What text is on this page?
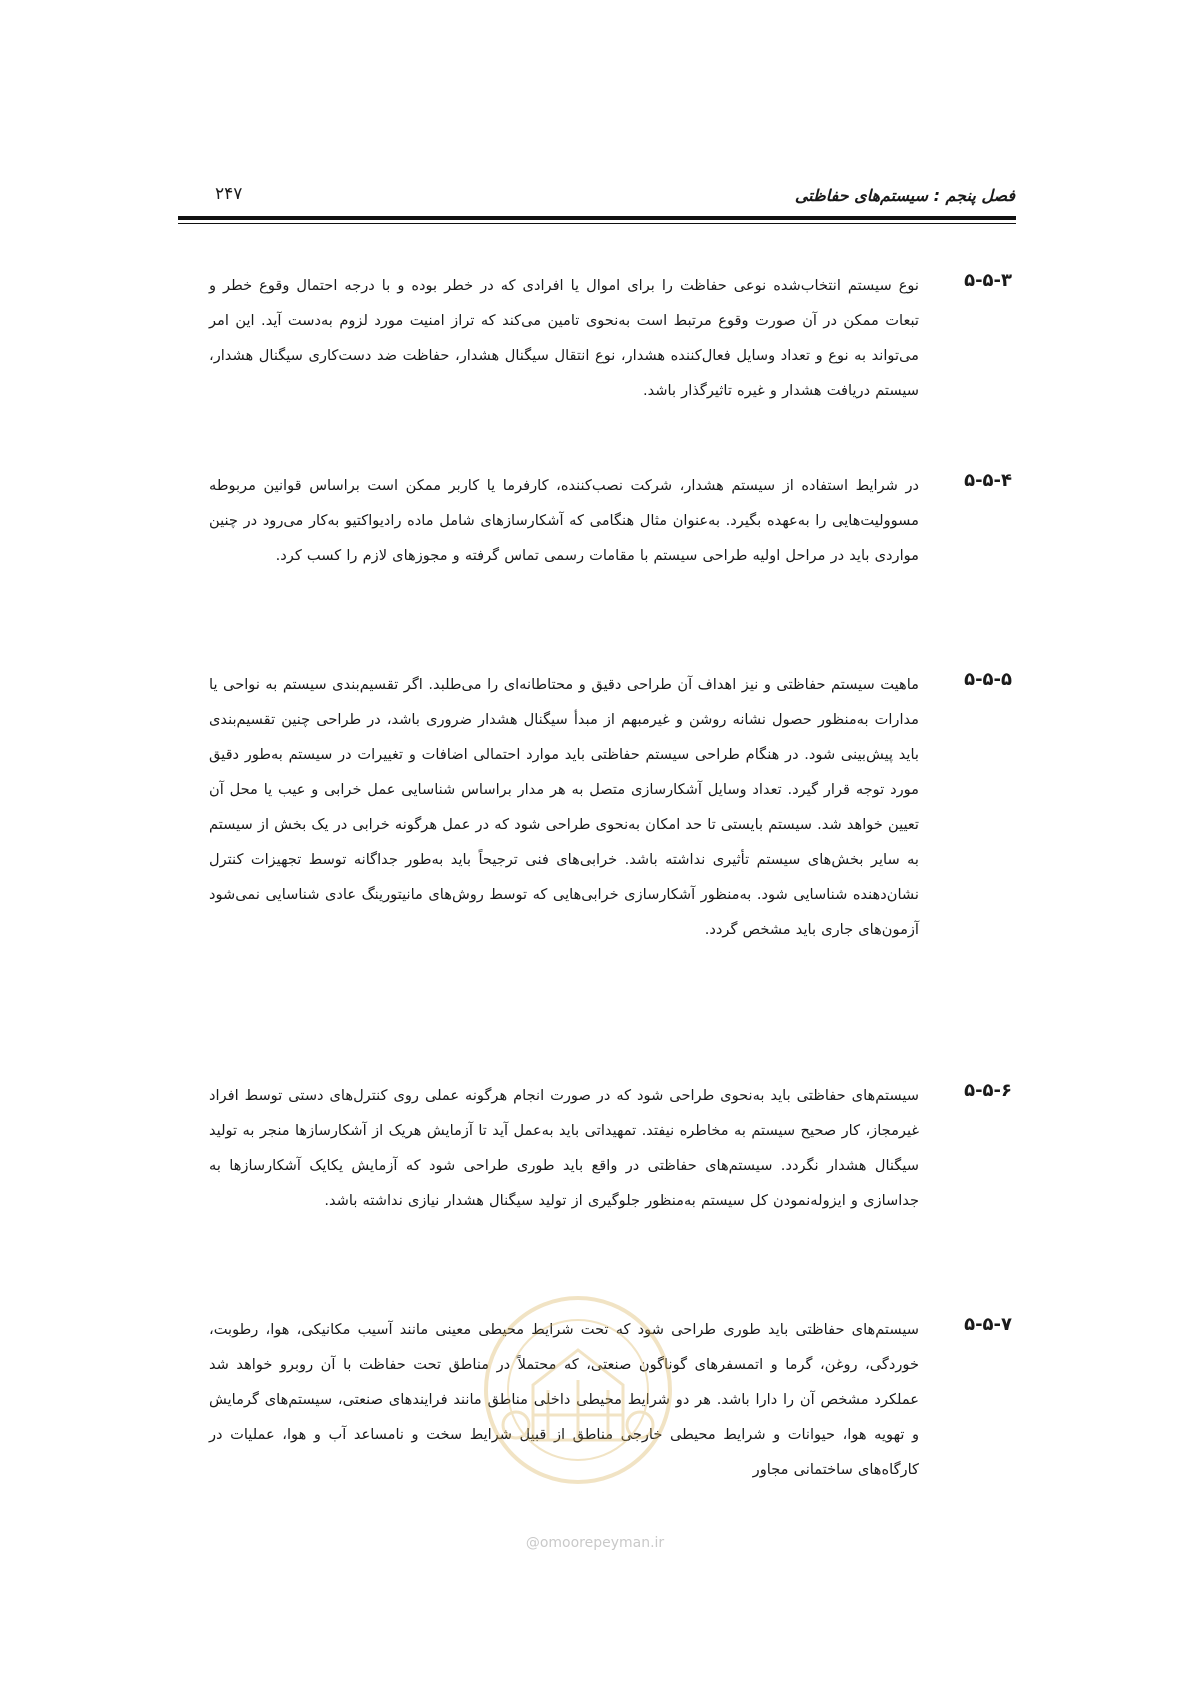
فصل پنجم : سیستم‌های حفاظتی
۲۴۷
۵-۵-۳

نوع سیستم انتخاب‌شده نوعی حفاظت را برای اموال یا افرادی که در خطر بوده و با درجه احتمال وقوع خطر و تبعات ممکن در آن صورت وقوع مرتبط است به‌نحوی تامین می‌کند که تراز امنیت مورد لزوم به‌دست آید. این امر می‌تواند به نوع و تعداد وسایل فعال‌کننده هشدار، نوع انتقال سیگنال هشدار، حفاظت ضد دست‌کاری سیگنال هشدار، سیستم دریافت هشدار و غیره تاثیرگذار باشد.

۵-۵-۴

در شرایط استفاده از سیستم هشدار، شرکت نصب‌کننده، کارفرما یا کاربر ممکن است براساس قوانین مربوطه مسوولیت‌هایی را به‌عهده بگیرد. به‌عنوان مثال هنگامی که آشکارسازهای شامل ماده رادیواکتیو به‌کار می‌رود در چنین مواردی باید در مراحل اولیه طراحی سیستم با مقامات رسمی تماس گرفته و مجوزهای لازم را کسب کرد.

۵-۵-۵

ماهیت سیستم حفاظتی و نیز اهداف آن طراحی دقیق و محتاطانه‌ای را می‌طلبد. اگر تقسیم‌بندی سیستم به نواحی یا مدارات به‌منظور حصول نشانه روشن و غیرمبهم از مبدأ سیگنال هشدار ضروری باشد، در طراحی چنین تقسیم‌بندی باید پیش‌بینی شود. در هنگام طراحی سیستم حفاظتی باید موارد احتمالی اضافات و تغییرات در سیستم به‌طور دقیق مورد توجه قرار گیرد. تعداد وسایل آشکارسازی متصل به هر مدار براساس شناسایی عمل خرابی و عیب یا محل آن تعیین خواهد شد. سیستم بایستی تا حد امکان به‌نحوی طراحی شود که در عمل هرگونه خرابی در یک بخش از سیستم به سایر بخش‌های سیستم تأثیری نداشته باشد. خرابی‌های فنی ترجیحاً باید به‌طور جداگانه توسط تجهیزات کنترل نشان‌دهنده شناسایی شود. به‌منظور آشکارسازی خرابی‌هایی که توسط روش‌های مانیتورینگ عادی شناسایی نمی‌شود آزمون‌های جاری باید مشخص گردد.

۵-۵-۶

سیستم‌های حفاظتی باید به‌نحوی طراحی شود که در صورت انجام هرگونه عملی روی کنترل‌های دستی توسط افراد غیرمجاز، کار صحیح سیستم به مخاطره نیفتد. تمهیداتی باید به‌عمل آید تا آزمایش هریک از آشکارسازها منجر به تولید سیگنال هشدار نگردد. سیستم‌های حفاظتی در واقع باید طوری طراحی شود که آزمایش یکایک آشکارسازها به جداسازی و ایزوله‌نمودن کل سیستم به‌منظور جلوگیری از تولید سیگنال هشدار نیازی نداشته باشد.

۵-۵-۷

سیستم‌های حفاظتی باید طوری طراحی شود که تحت شرایط محیطی معینی مانند آسیب مکانیکی، هوا، رطوبت، خوردگی، روغن، گرما و اتمسفرهای گوناگون صنعتی، که محتملاً در مناطق تحت حفاظت با آن روبرو خواهد شد عملکرد مشخص آن را دارا باشد. هر دو شرایط محیطی داخلی مناطق مانند فرایندهای صنعتی، سیستم‌های گرمایش و تهویه هوا، حیوانات و شرایط محیطی خارجی مناطق از قبیل شرایط سخت و نامساعد آب و هوا، عملیات در کارگاه‌های ساختمانی مجاور

@omoorepeyman.ir
